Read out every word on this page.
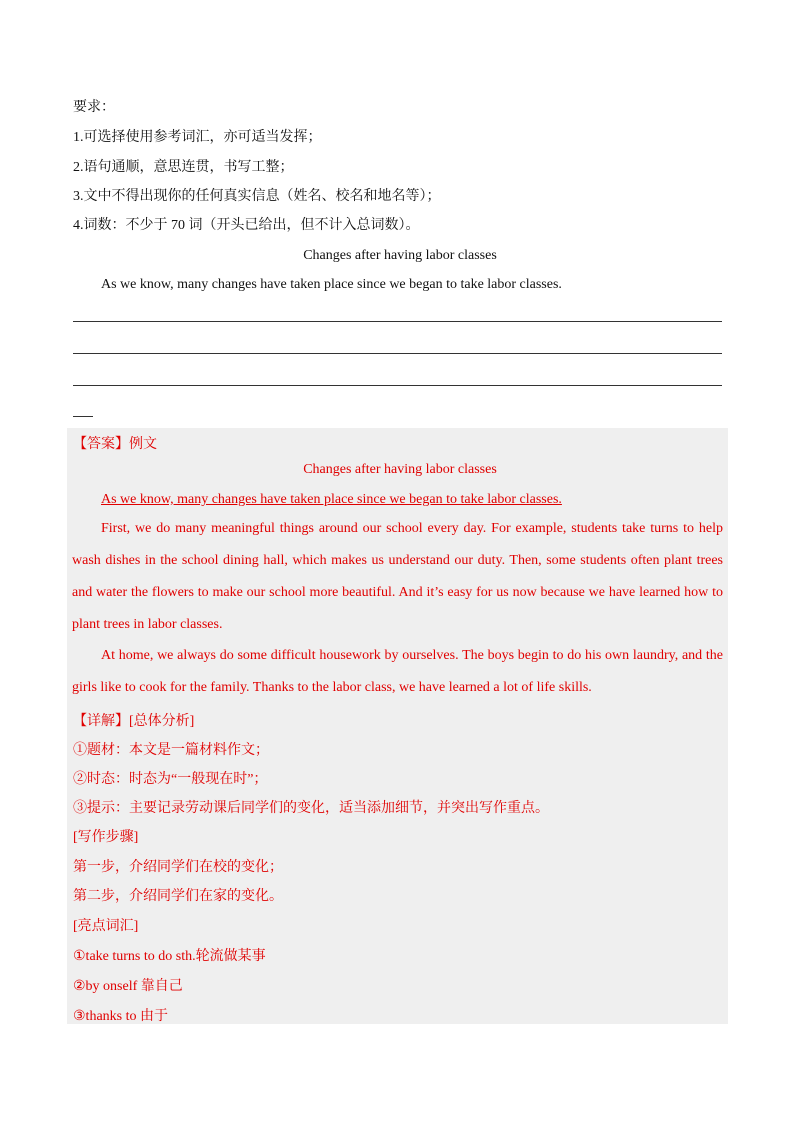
要求：
1.可选择使用参考词汇，亦可适当发挥；
2.语句通顺，意思连贯，书写工整；
3.文中不得出现你的任何真实信息（姓名、校名和地名等）；
4.词数：不少于 70 词（开头已给出，但不计入总词数）。
Changes after having labor classes
As we know, many changes have taken place since we began to take labor classes.
【答案】例文
Changes after having labor classes
As we know, many changes have taken place since we began to take labor classes.
First, we do many meaningful things around our school every day. For example, students take turns to help wash dishes in the school dining hall, which makes us understand our duty. Then, some students often plant trees and water the flowers to make our school more beautiful. And it’s easy for us now because we have learned how to plant trees in labor classes.
At home, we always do some difficult housework by ourselves. The boys begin to do his own laundry, and the girls like to cook for the family. Thanks to the labor class, we have learned a lot of life skills.
【详解】[总体分析]
①题材：本文是一篇材料作文；
②时态：时态为“一般现在时”；
③提示：主要记录劳动课后同学们的变化，适当添加细节，并突出写作重点。
[写作步骤]
第一步，介绍同学们在校的变化；
第二步，介绍同学们在家的变化。
[亮点词汇]
①take turns to do sth.轮流做某事
②by onself 靠自己
③thanks to 由于
